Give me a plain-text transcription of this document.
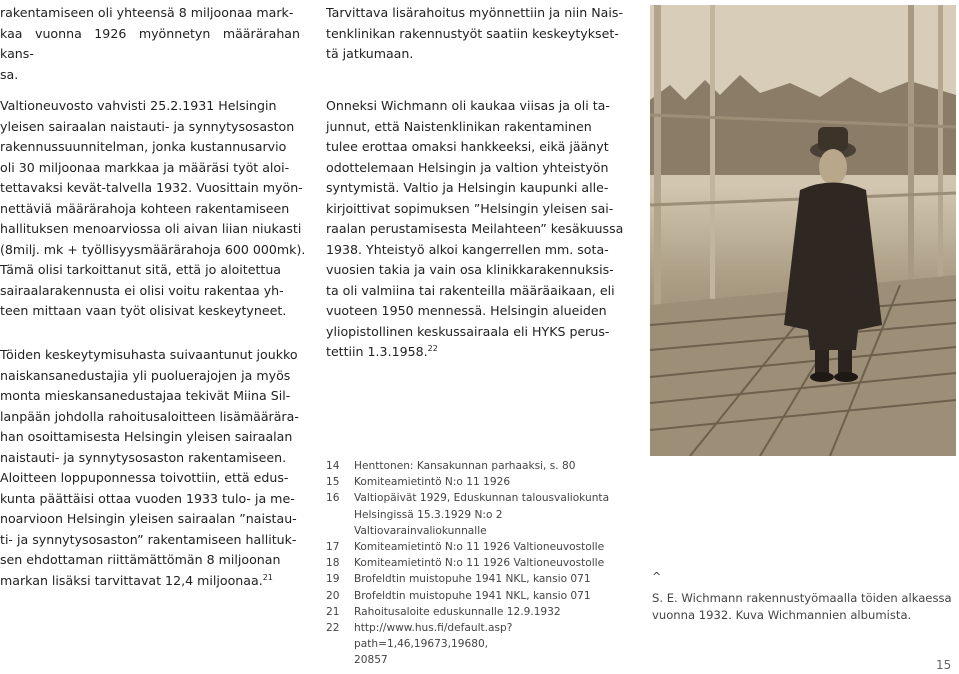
rakentamiseen oli yhteensä 8 miljoonaa mark-
kaa vuonna 1926 myönnetyn määrärahan kans-
sa.
Valtioneuvosto vahvisti 25.2.1931 Helsingin
yleisen sairaalan naistauti- ja synnytysosaston
rakennussuunnitelman, jonka kustannusarvio
oli 30 miljoonaa markkaa ja määräsi työt aloi-
tettavaksi kevät-talvella 1932. Vuosittain myön-
nettäviä määrärahoja kohteen rakentamiseen
hallituksen menoarviossa oli aivan liian niukasti
(8milj. mk + työllisyysmäärärahoja 600 000mk).
Tämä olisi tarkoittanut sitä, että jo aloitettua
sairaalarakennusta ei olisi voitu rakentaa yh-
teen mittaan vaan työt olisivat keskeytyneet.
Töiden keskeytymisuhasta suivaantunut joukko
naiskansanedustajia yli puoluerajojen ja myös
monta mieskansanedustajaa tekivät Miina Sil-
lanpään johdolla rahoitusaloitteen lisämäärära-
han osoittamisesta Helsingin yleisen sairaalan
naistauti- ja synnytysosaston rakentamiseen.
Aloitteen loppuponnessa toivottiin, että edus-
kunta päättäisi ottaa vuoden 1933 tulo- ja me-
noarvioon Helsingin yleisen sairaalan ”naistau-
ti- ja synnytysosaston” rakentamiseen hallituk-
sen ehdottaman riittämättömän 8 miljoonan
markan lisäksi tarvittavat 12,4 miljoonaa.$^{21}$
Tarvittava lisärahoitus myönnettiin ja niin Nais-
tenklinikan rakennustyöt saatiin keskeytykset-
tä jatkumaan.
Onneksi Wichmann oli kaukaa viisas ja oli ta-
junnut, että Naistenklinikan rakentaminen
tulee erottaa omaksi hankkeeksi, eikä jäänyt
odottelemaan Helsingin ja valtion yhteistyön
syntymistä. Valtio ja Helsingin kaupunki alle-
kirjoittivat sopimuksen ”Helsingin yleisen sai-
raalan perustamisesta Meilahteen” kesäkuussa
1938. Yhteistyö alkoi kangerrellen mm. sota-
vuosien takia ja vain osa klinikkarakennuksis-
ta oli valmiina tai rakenteilla määräaikaan, eli
vuoteen 1950 mennessä. Helsingin alueiden
yliopistollinen keskussairaala eli HYKS perus-
tettiin 1.3.1958.22
14	Henttonen: Kansakunnan parhaaksi, s. 80
15	Komiteamietintö N:o 11 1926
16	Valtiopäivät 1929, Eduskunnan talousvaliokunta
Helsingissä 15.3.1929 N:o 2 Valtiovarainvaliokunnalle
17	Komiteamietintö N:o 11 1926 Valtioneuvostolle
18	Komiteamietintö N:o 11 1926 Valtioneuvostolle
19	Brofeldtin muistopuhe 1941 NKL, kansio 071
20	Brofeldtin muistopuhe 1941 NKL, kansio 071
21	Rahoitusaloite eduskunnalle 12.9.1932
22	http://www.hus.fi/default.asp?path=1,46,19673,19680,
20857
^
S. E. Wichmann rakennustyömaalla töiden alkaessa
vuonna 1932. Kuva Wichmannien albumista.
15
